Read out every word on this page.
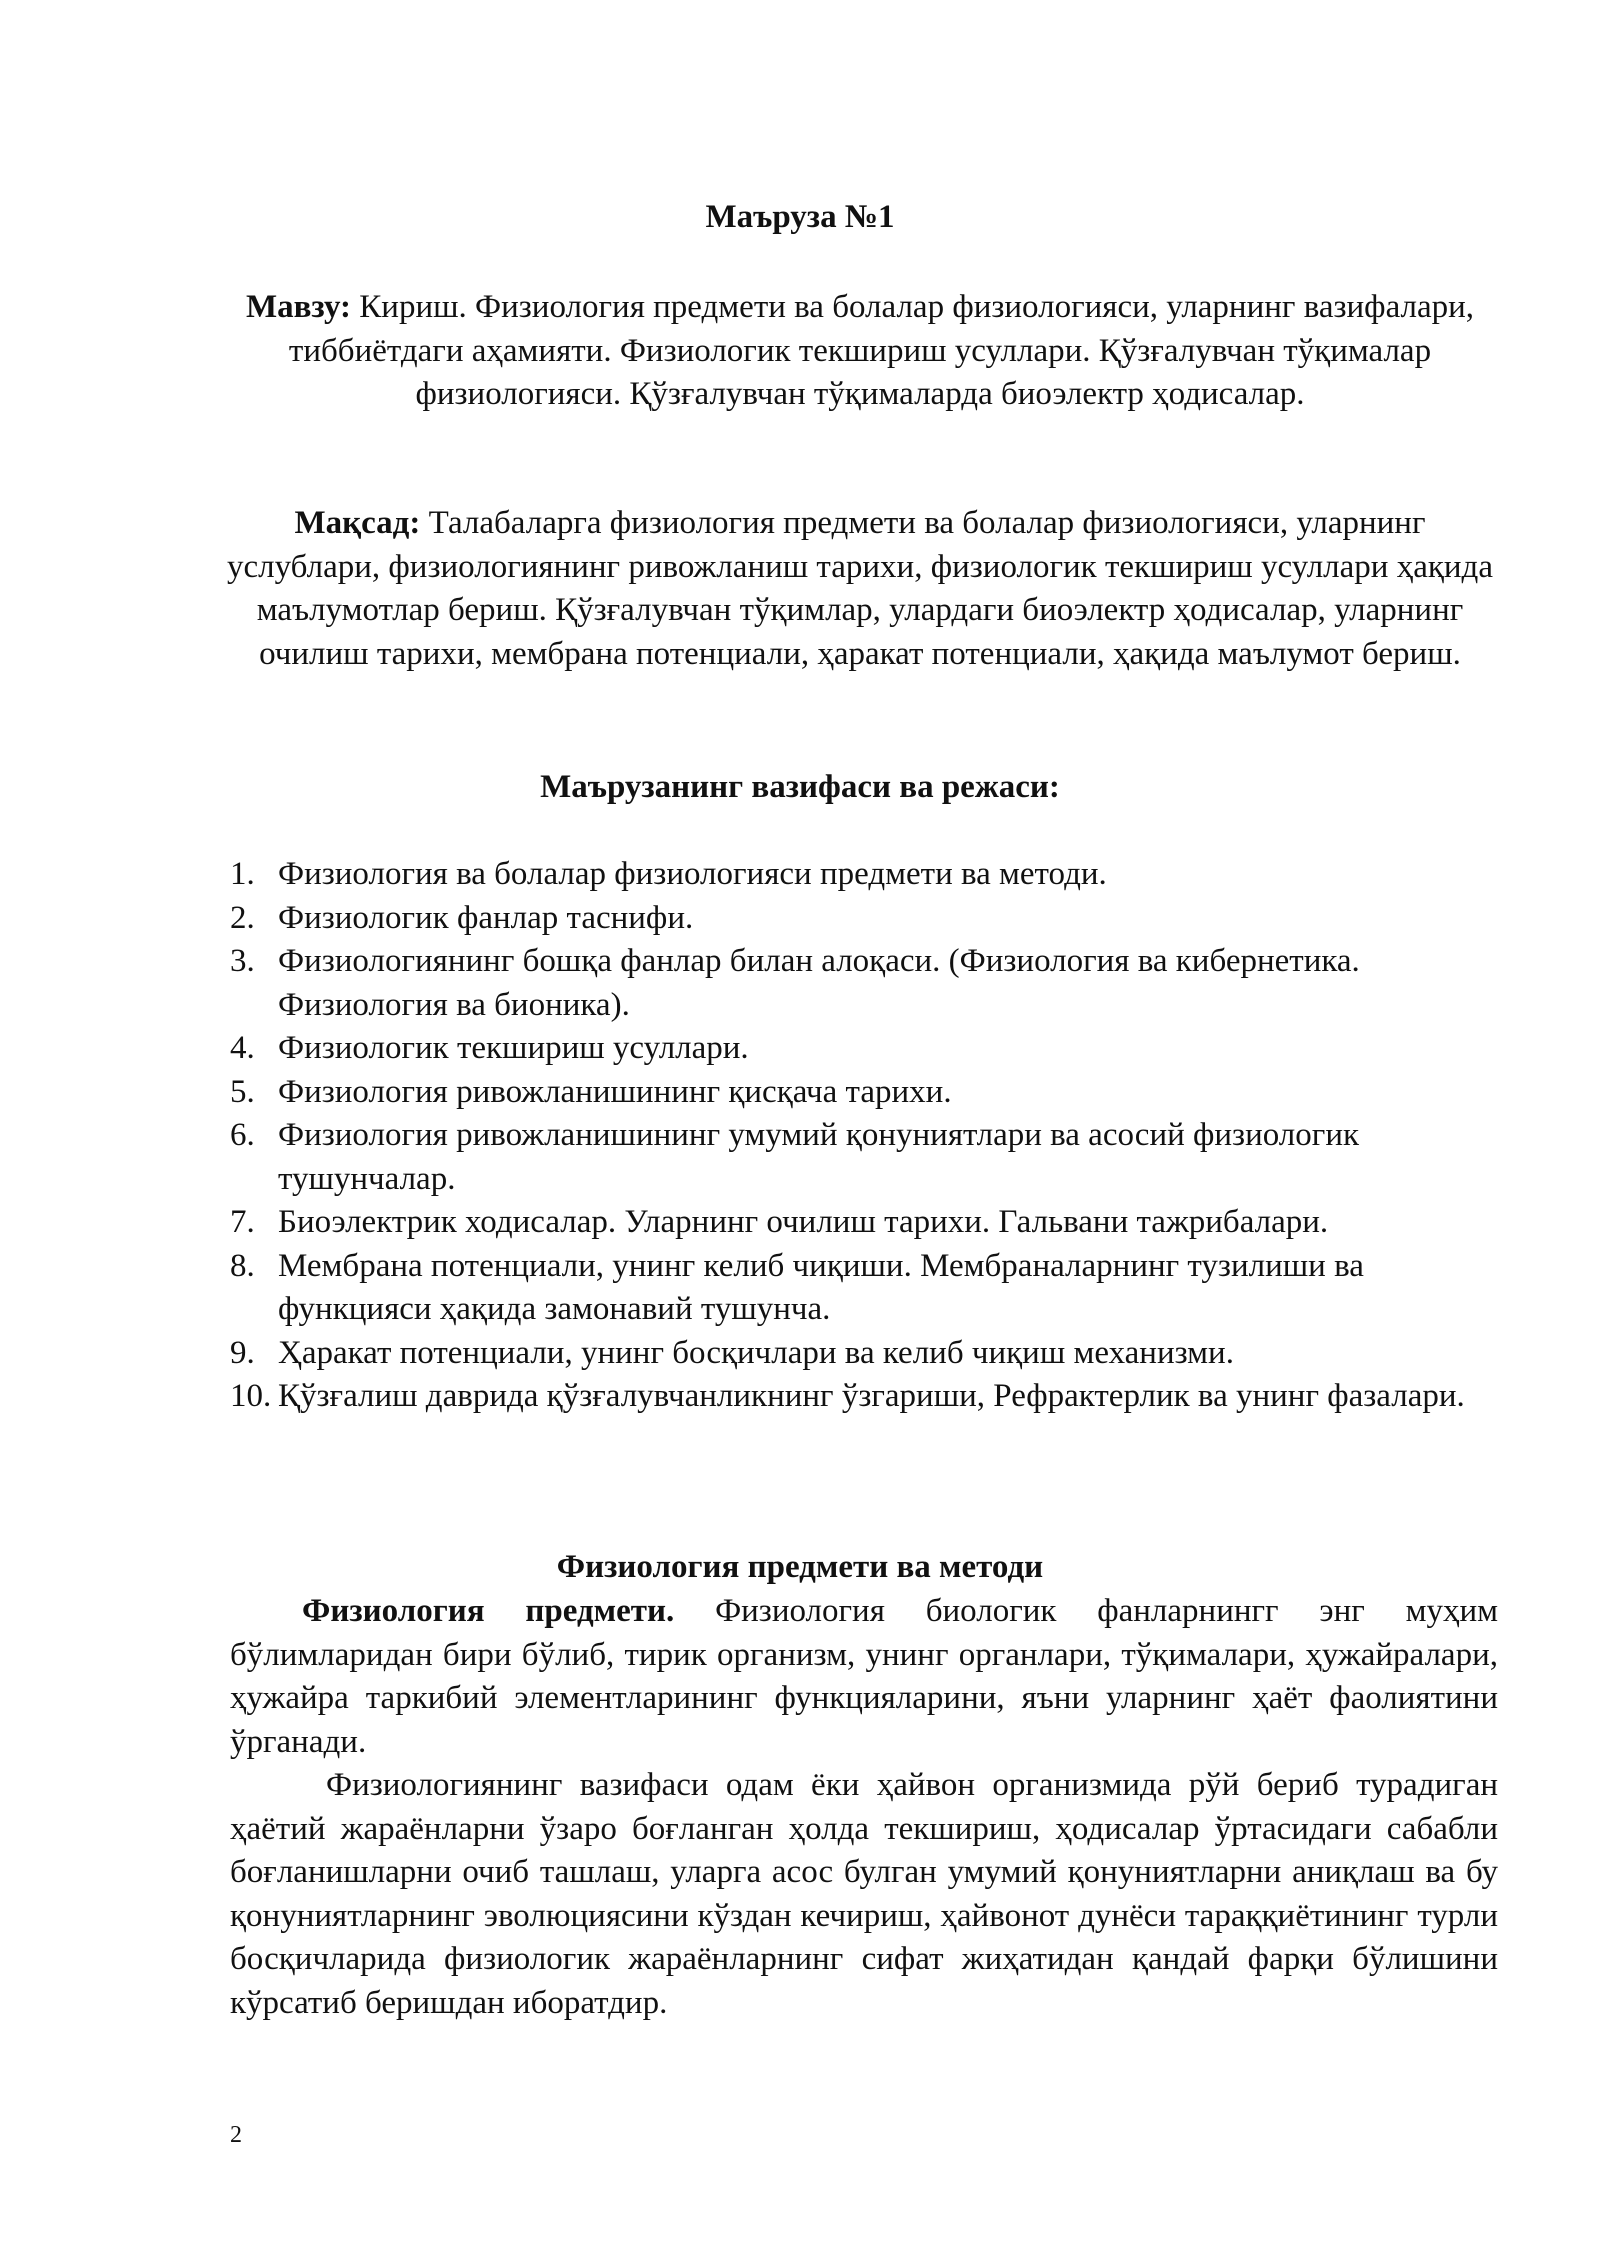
Маъруза №1
Мавзу: Кириш. Физиология предмети ва болалар физиологияси, уларнинг вазифалари, тиббиётдаги аҳамияти. Физиологик текшириш усуллари. Қўзғалувчан тўқималар физиологияси. Қўзғалувчан тўқималарда биоэлектр ҳодисалар.
Мақсад: Талабаларга физиология предмети ва болалар физиологияси, уларнинг услублари, физиологиянинг ривожланиш тарихи, физиологик текшириш усуллари ҳақида маълумотлар бериш. Қўзғалувчан тўқимлар, улардаги биоэлектр ҳодисалар, уларнинг очилиш тарихи, мембрана потенциали, ҳаракат потенциали, ҳақида маълумот бериш.
Маърузанинг вазифаси ва режаси:
1. Физиология ва болалар физиологияси предмети ва методи.
2. Физиологик фанлар таснифи.
3. Физиологиянинг бошқа фанлар билан алоқаси. (Физиология ва кибернетика. Физиология ва бионика).
4. Физиологик текшириш усуллари.
5. Физиология ривожланишининг қисқача тарихи.
6. Физиология ривожланишининг умумий қонуниятлари ва асосий физиологик тушунчалар.
7. Биоэлектрик ходисалар. Уларнинг очилиш тарихи. Гальвани тажрибалари.
8. Мембрана потенциали, унинг келиб чиқиши. Мембраналарнинг тузилиши ва функцияси ҳақида замонавий тушунча.
9. Ҳаракат потенциали, унинг босқичлари ва келиб чиқиш механизми.
10. Қўзғалиш даврида қўзғалувчанликнинг ўзгариши, Рефрактерлик ва унинг фазалари.
Физиология предмети ва методи

Физиология предмети. Физиология биологик фанларнингг энг муҳим бўлимларидан бири бўлиб, тирик организм, унинг органлари, тўқималари, ҳужайралари, ҳужайра таркибий элементларининг функцияларини, яъни уларнинг ҳаёт фаолиятини ўрганади.

Физиологиянинг вазифаси одам ёки ҳайвон организмида рўй бериб турадиган ҳаётий жараёнларни ўзаро боғланган ҳолда текшириш, ҳодисалар ўртасидаги сабабли боғланишларни очиб ташлаш, уларга асос булган умумий қонуниятларни аниқлаш ва бу қонуниятларнинг эволюциясини кўздан кечириш, ҳайвонот дунёси тараққиётининг турли босқичларида физиологик жараёнларнинг сифат жиҳатидан қандай фарқи бўлишини кўрсатиб беришдан иборатдир.

2
